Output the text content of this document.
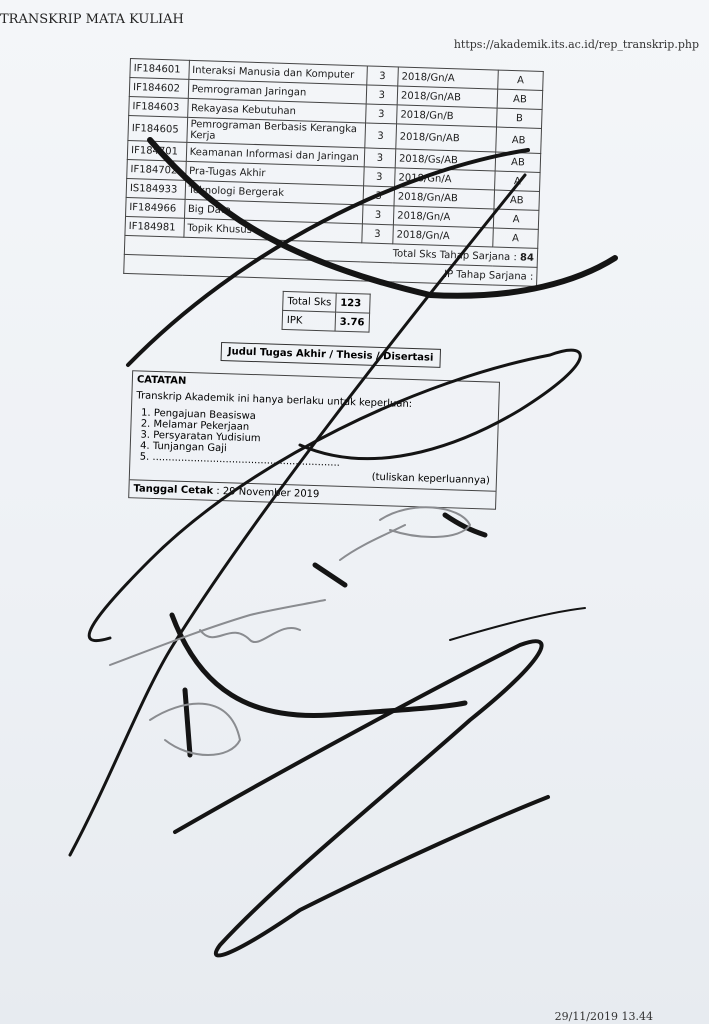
TRANSKRIP MATA KULIAH
https://akademik.its.ac.id/rep_transkrip.php
IF184601	Interaksi Manusia dan Komputer	3	2018/Gn/A	A
IF184602	Pemrograman Jaringan	3	2018/Gn/AB	AB
IF184603	Rekayasa Kebutuhan	3	2018/Gn/B	B
IF184605	Pemrograman Berbasis Kerangka Kerja	3	2018/Gn/AB	AB
IF184701	Keamanan Informasi dan Jaringan	3	2018/Gs/AB	AB
IF184702	Pra-Tugas Akhir	3	2018/Gn/A	A
IS184933	Teknologi Bergerak	3	2018/Gn/AB	AB
IF184966	Big Data	3	2018/Gn/A	A
IF184981	Topik Khusus	3	2018/Gn/A	A
Total Sks Tahap Sarjana : 84				
IP Tahap Sarjana :				
Total Sks	123
IPK	3.76
Judul Tugas Akhir / Thesis / Disertasi
CATATAN
Transkrip Akademik ini hanya berlaku untuk keperluan:
1. Pengajuan Beasiswa
2. Melamar Pekerjaan
3. Persyaratan Yudisium
4. Tunjangan Gaji
5. ...........................................................
(tuliskan keperluannya)
Tanggal Cetak : 29 November 2019
29/11/2019 13.44
